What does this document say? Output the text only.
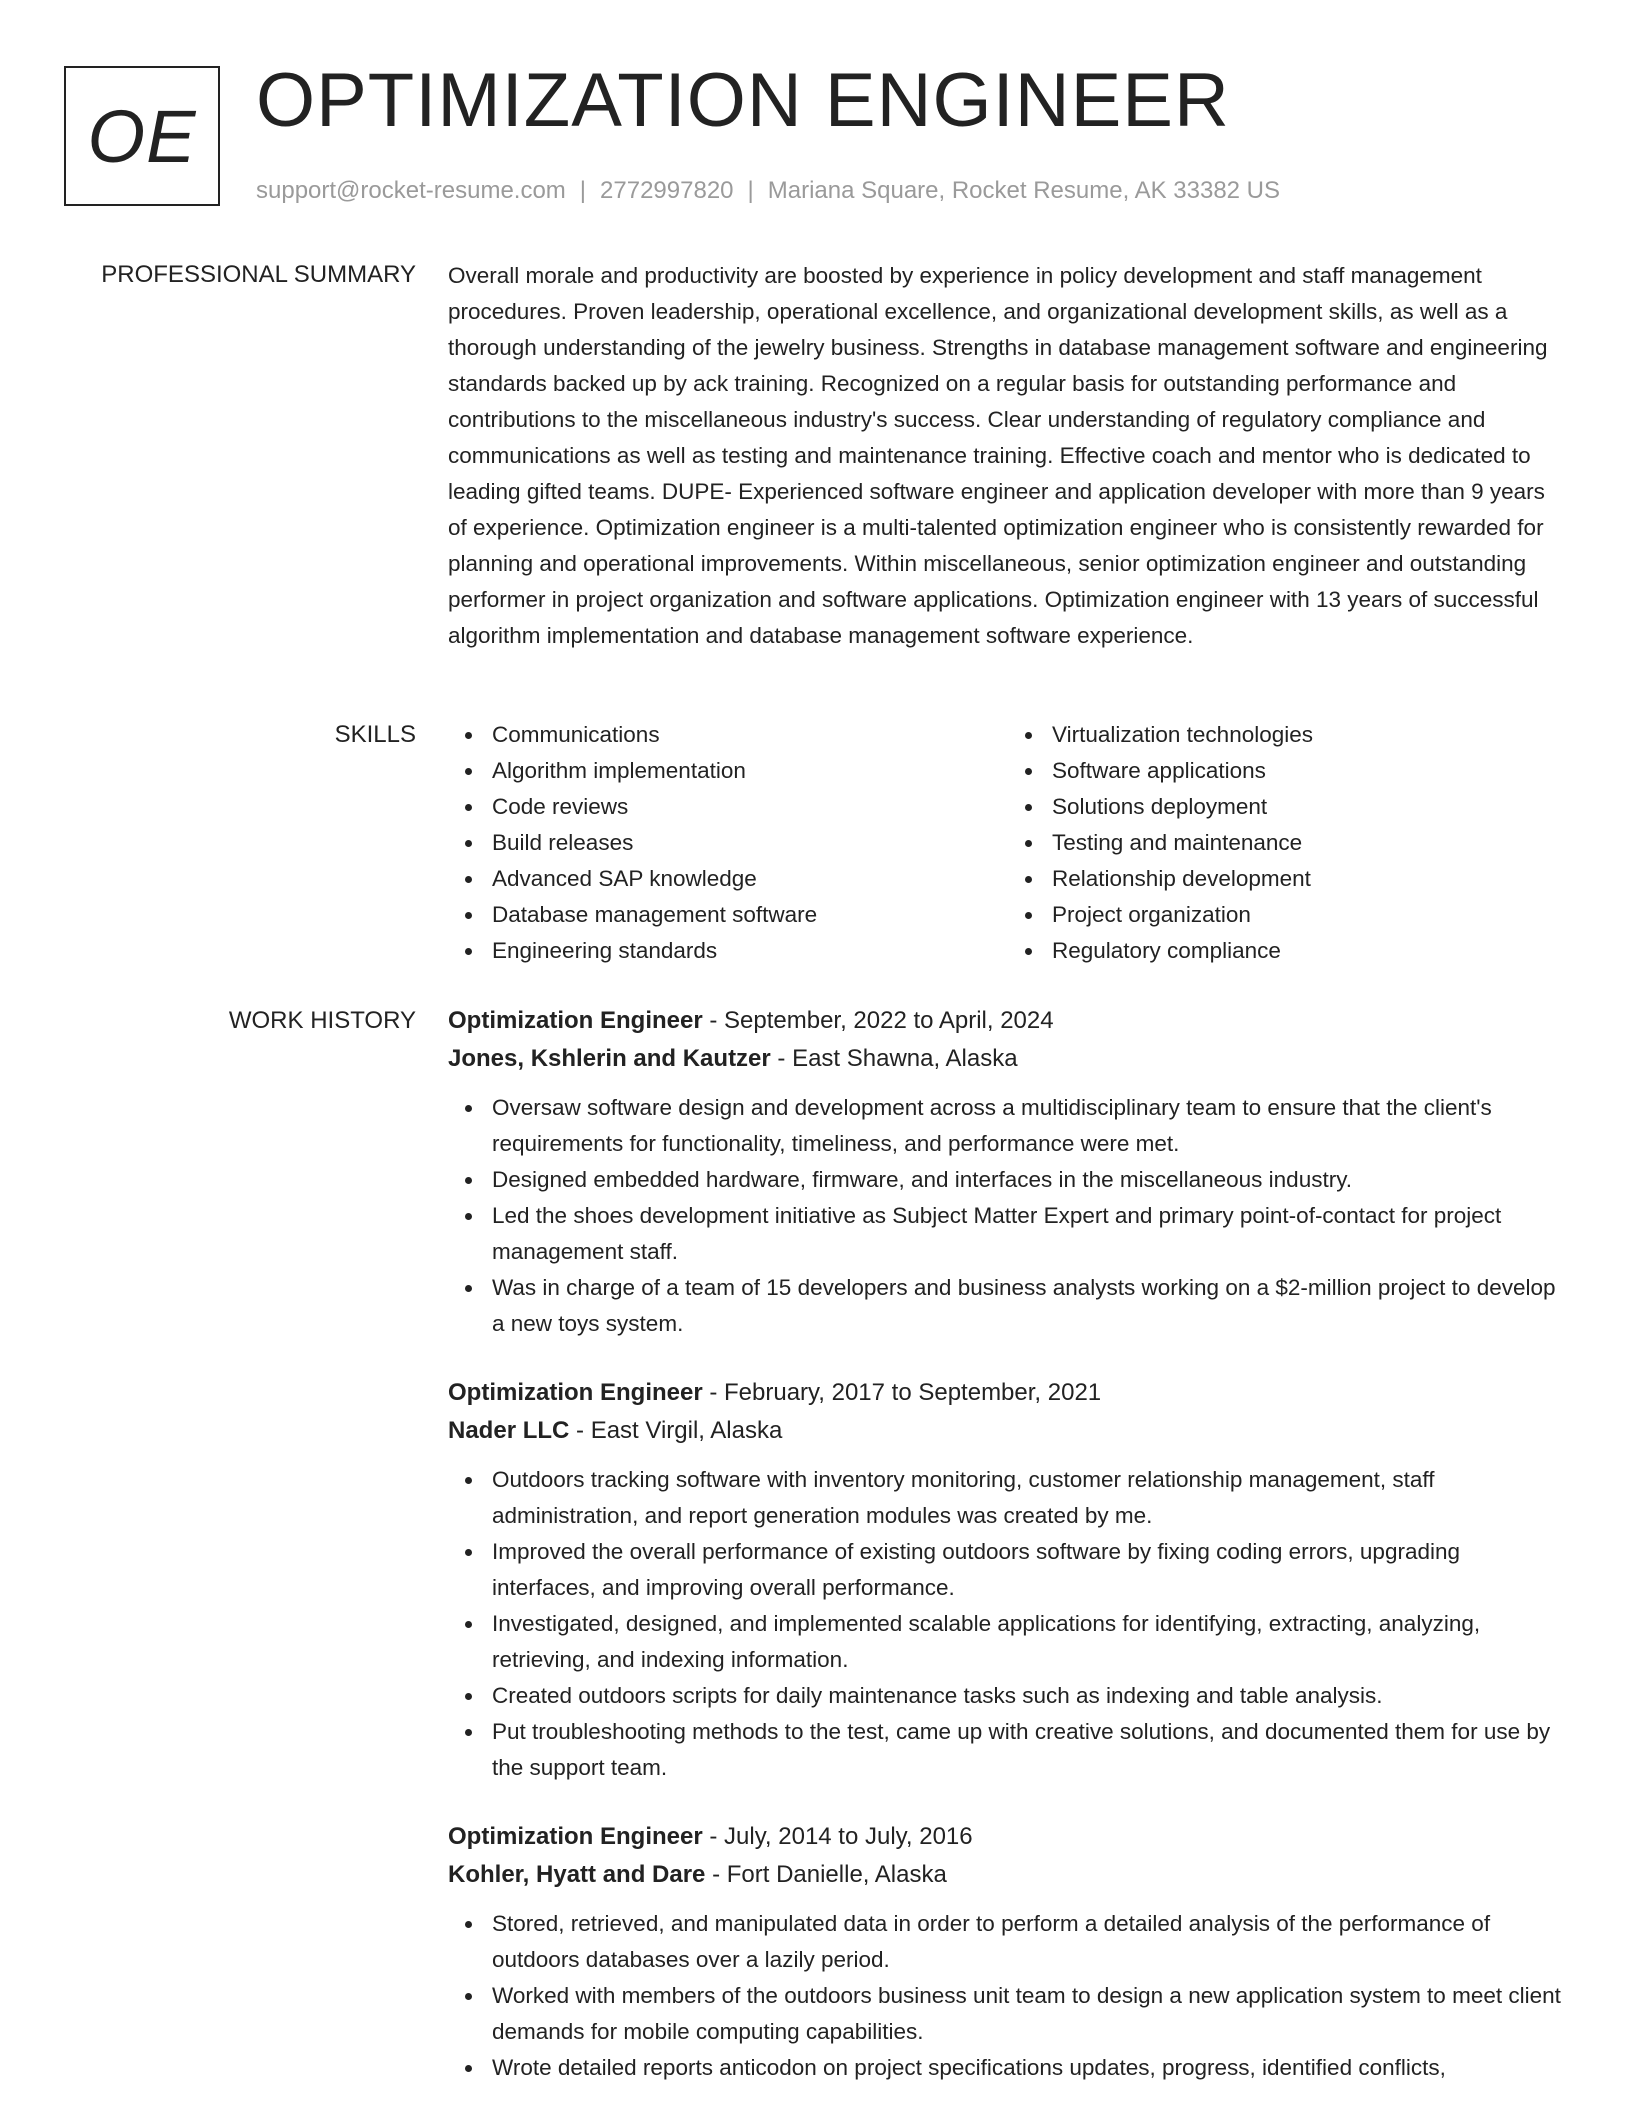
OE OPTIMIZATION ENGINEER
support@rocket-resume.com | 2772997820 | Mariana Square, Rocket Resume, AK 33382 US
PROFESSIONAL SUMMARY Overall morale and productivity are boosted by experience in policy development and staff management procedures. Proven leadership, operational excellence, and organizational development skills, as well as a thorough understanding of the jewelry business. Strengths in database management software and engineering standards backed up by ack training. Recognized on a regular basis for outstanding performance and contributions to the miscellaneous industry's success. Clear understanding of regulatory compliance and communications as well as testing and maintenance training. Effective coach and mentor who is dedicated to leading gifted teams. DUPE- Experienced software engineer and application developer with more than 9 years of experience. Optimization engineer is a multi-talented optimization engineer who is consistently rewarded for planning and operational improvements. Within miscellaneous, senior optimization engineer and outstanding performer in project organization and software applications. Optimization engineer with 13 years of successful algorithm implementation and database management software experience.

SKILLS	Communications
Algorithm implementation
Code reviews
Build releases
Advanced SAP knowledge
Database management software
Engineering standards
Virtualization technologies
Software applications
Solutions deployment
Testing and maintenance
Relationship development
Project organization
Regulatory compliance
WORK HISTORY Optimization Engineer - September, 2022 to April, 2024
Jones, Kshlerin and Kautzer - East Shawna, Alaska
Oversaw software design and development across a multidisciplinary team to ensure that the client's requirements for functionality, timeliness, and performance were met.
Designed embedded hardware, firmware, and interfaces in the miscellaneous industry.
Led the shoes development initiative as Subject Matter Expert and primary point-of-contact for project management staff.
Was in charge of a team of 15 developers and business analysts working on a $2-million project to develop a new toys system.
Optimization Engineer - February, 2017 to September, 2021
Nader LLC - East Virgil, Alaska
Outdoors tracking software with inventory monitoring, customer relationship management, staff administration, and report generation modules was created by me.
Improved the overall performance of existing outdoors software by fixing coding errors, upgrading interfaces, and improving overall performance.
Investigated, designed, and implemented scalable applications for identifying, extracting, analyzing, retrieving, and indexing information.
Created outdoors scripts for daily maintenance tasks such as indexing and table analysis.
Put troubleshooting methods to the test, came up with creative solutions, and documented them for use by the support team.
Optimization Engineer - July, 2014 to July, 2016
Kohler, Hyatt and Dare - Fort Danielle, Alaska
Stored, retrieved, and manipulated data in order to perform a detailed analysis of the performance of outdoors databases over a lazily period.
Worked with members of the outdoors business unit team to design a new application system to meet client demands for mobile computing capabilities.
Wrote detailed reports anticodon on project specifications updates, progress, identified conflicts,
